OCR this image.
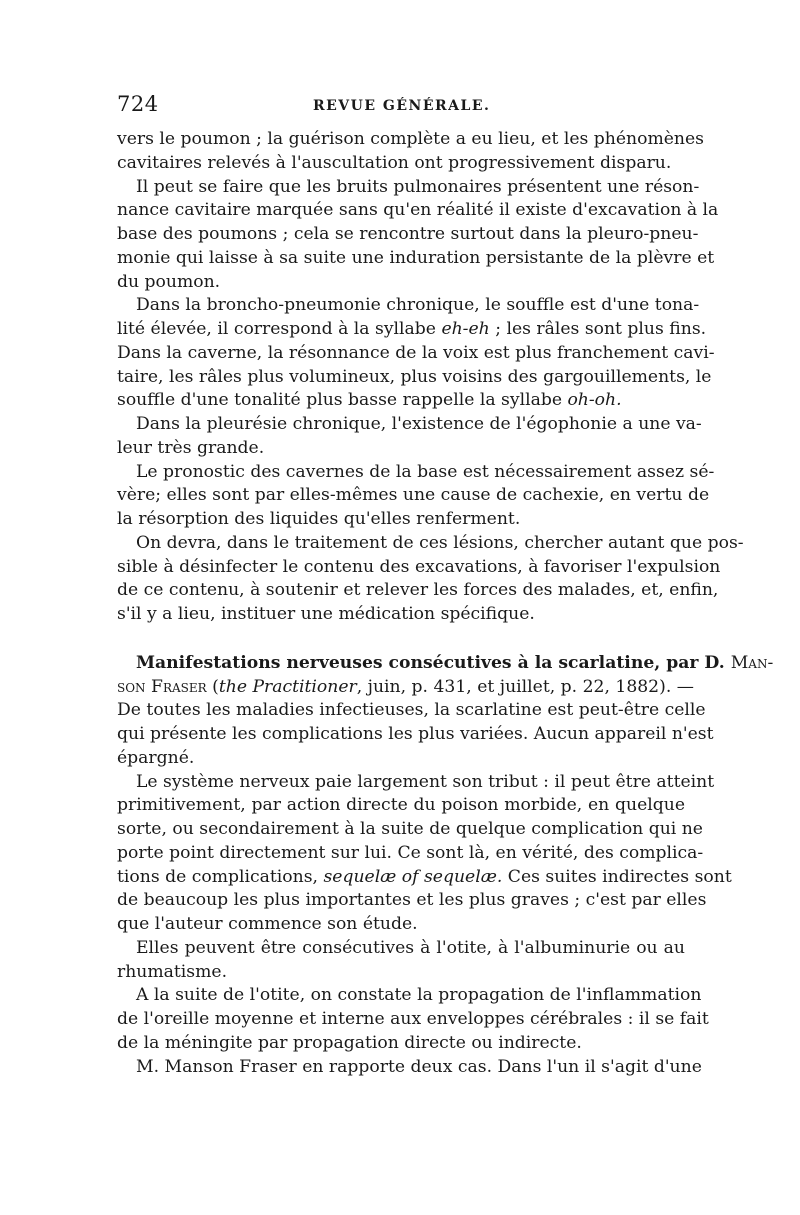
724	REVUE GÉNÉRALE.
vers le poumon ; la guérison complète a eu lieu, et les phénomènes
cavitaires relevés à l'auscultation ont progressivement disparu.
Il peut se faire que les bruits pulmonaires présentent une réson-
nance cavitaire marquée sans qu'en réalité il existe d'excavation à la
base des poumons ; cela se rencontre surtout dans la pleuro-pneu-
monie qui laisse à sa suite une induration persistante de la plèvre et
du poumon.
Dans la broncho-pneumonie chronique, le souffle est d'une tona-
lité élevée, il correspond à la syllabe eh-eh ; les râles sont plus fins.
Dans la caverne, la résonnance de la voix est plus franchement cavi-
taire, les râles plus volumineux, plus voisins des gargouillements, le
souffle d'une tonalité plus basse rappelle la syllabe oh-oh.
Dans la pleurésie chronique, l'existence de l'égophonie a une va-
leur très grande.
Le pronostic des cavernes de la base est nécessairement assez sé-
vère; elles sont par elles-mêmes une cause de cachexie, en vertu de
la résorption des liquides qu'elles renferment.
On devra, dans le traitement de ces lésions, chercher autant que pos-
sible à désinfecter le contenu des excavations, à favoriser l'expulsion
de ce contenu, à soutenir et relever les forces des malades, et, enfin,
s'il y a lieu, instituer une médication spécifique.
Manifestations nerveuses consécutives à la scarlatine, par D. Man-
son Fraser (the Practitioner, juin, p. 431, et juillet, p. 22, 1882). —
De toutes les maladies infectieuses, la scarlatine est peut-être celle
qui présente les complications les plus variées. Aucun appareil n'est
épargné.
Le système nerveux paie largement son tribut : il peut être atteint
primitivement, par action directe du poison morbide, en quelque
sorte, ou secondairement à la suite de quelque complication qui ne
porte point directement sur lui. Ce sont là, en vérité, des complica-
tions de complications, sequelæ of sequelæ. Ces suites indirectes sont
de beaucoup les plus importantes et les plus graves ; c'est par elles
que l'auteur commence son étude.
Elles peuvent être consécutives à l'otite, à l'albuminurie ou au
rhumatisme.
A la suite de l'otite, on constate la propagation de l'inflammation
de l'oreille moyenne et interne aux enveloppes cérébrales : il se fait
de la méningite par propagation directe ou indirecte.
M. Manson Fraser en rapporte deux cas. Dans l'un il s'agit d'une
